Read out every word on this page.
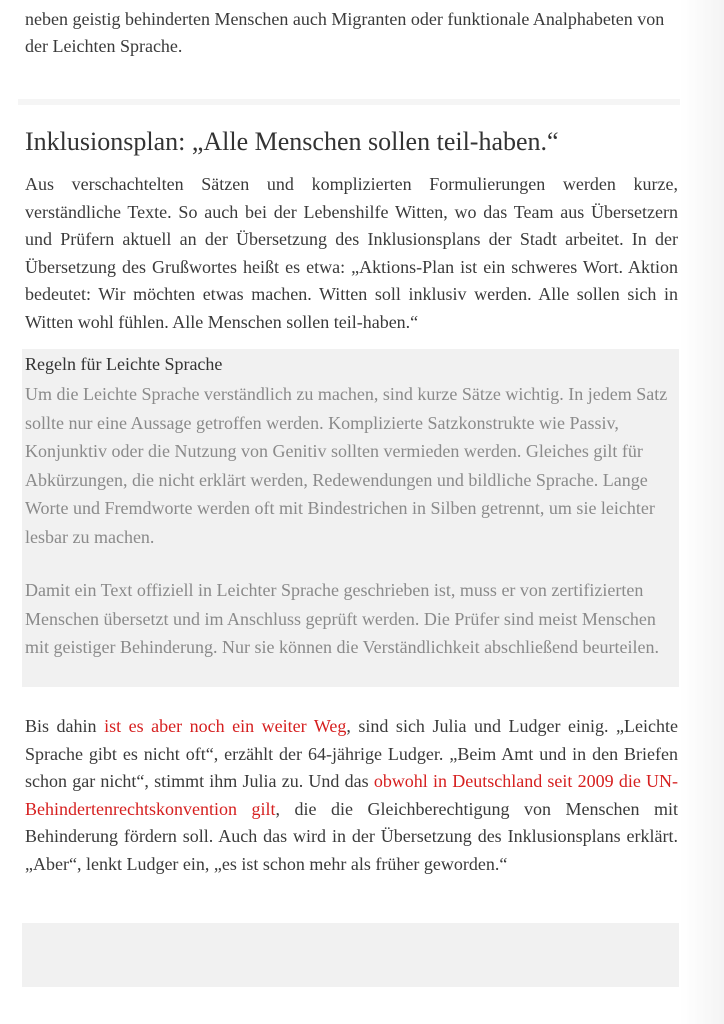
neben geistig behinderten Menschen auch Migranten oder funktionale Analphabeten von der Leichten Sprache.

Inklusionsplan: „Alle Menschen sollen teil-haben.“

Aus verschachtelten Sätzen und komplizierten Formulierungen werden kurze, verständliche Texte. So auch bei der Lebenshilfe Witten, wo das Team aus Übersetzern und Prüfern aktuell an der Übersetzung des Inklusionsplans der Stadt arbeitet. In der Übersetzung des Grußwortes heißt es etwa: „Aktions-Plan ist ein schweres Wort. Aktion bedeutet: Wir möchten etwas machen. Witten soll inklusiv werden. Alle sollen sich in Witten wohl fühlen. Alle Menschen sollen teil-haben.“

Regeln für Leichte Sprache

Um die Leichte Sprache verständlich zu machen, sind kurze Sätze wichtig. In jedem Satz sollte nur eine Aussage getroffen werden. Komplizierte Satzkonstrukte wie Passiv, Konjunktiv oder die Nutzung von Genitiv sollten vermieden werden. Gleiches gilt für Abkürzungen, die nicht erklärt werden, Redewendungen und bildliche Sprache. Lange Worte und Fremdworte werden oft mit Bindestrichen in Silben getrennt, um sie leichter lesbar zu machen.

Damit ein Text offiziell in Leichter Sprache geschrieben ist, muss er von zertifizierten Menschen übersetzt und im Anschluss geprüft werden. Die Prüfer sind meist Menschen mit geistiger Behinderung. Nur sie können die Verständlichkeit abschließend beurteilen.

Bis dahin ist es aber noch ein weiter Weg, sind sich Julia und Ludger einig. „Leichte Sprache gibt es nicht oft“, erzählt der 64-jährige Ludger. „Beim Amt und in den Briefen schon gar nicht“, stimmt ihm Julia zu. Und das obwohl in Deutschland seit 2009 die UN-Behindertenrechtskonvention gilt, die die Gleichberechtigung von Menschen mit Behinderung fördern soll. Auch das wird in der Übersetzung des Inklusionsplans erklärt. „Aber“, lenkt Ludger ein, „es ist schon mehr als früher geworden.“
